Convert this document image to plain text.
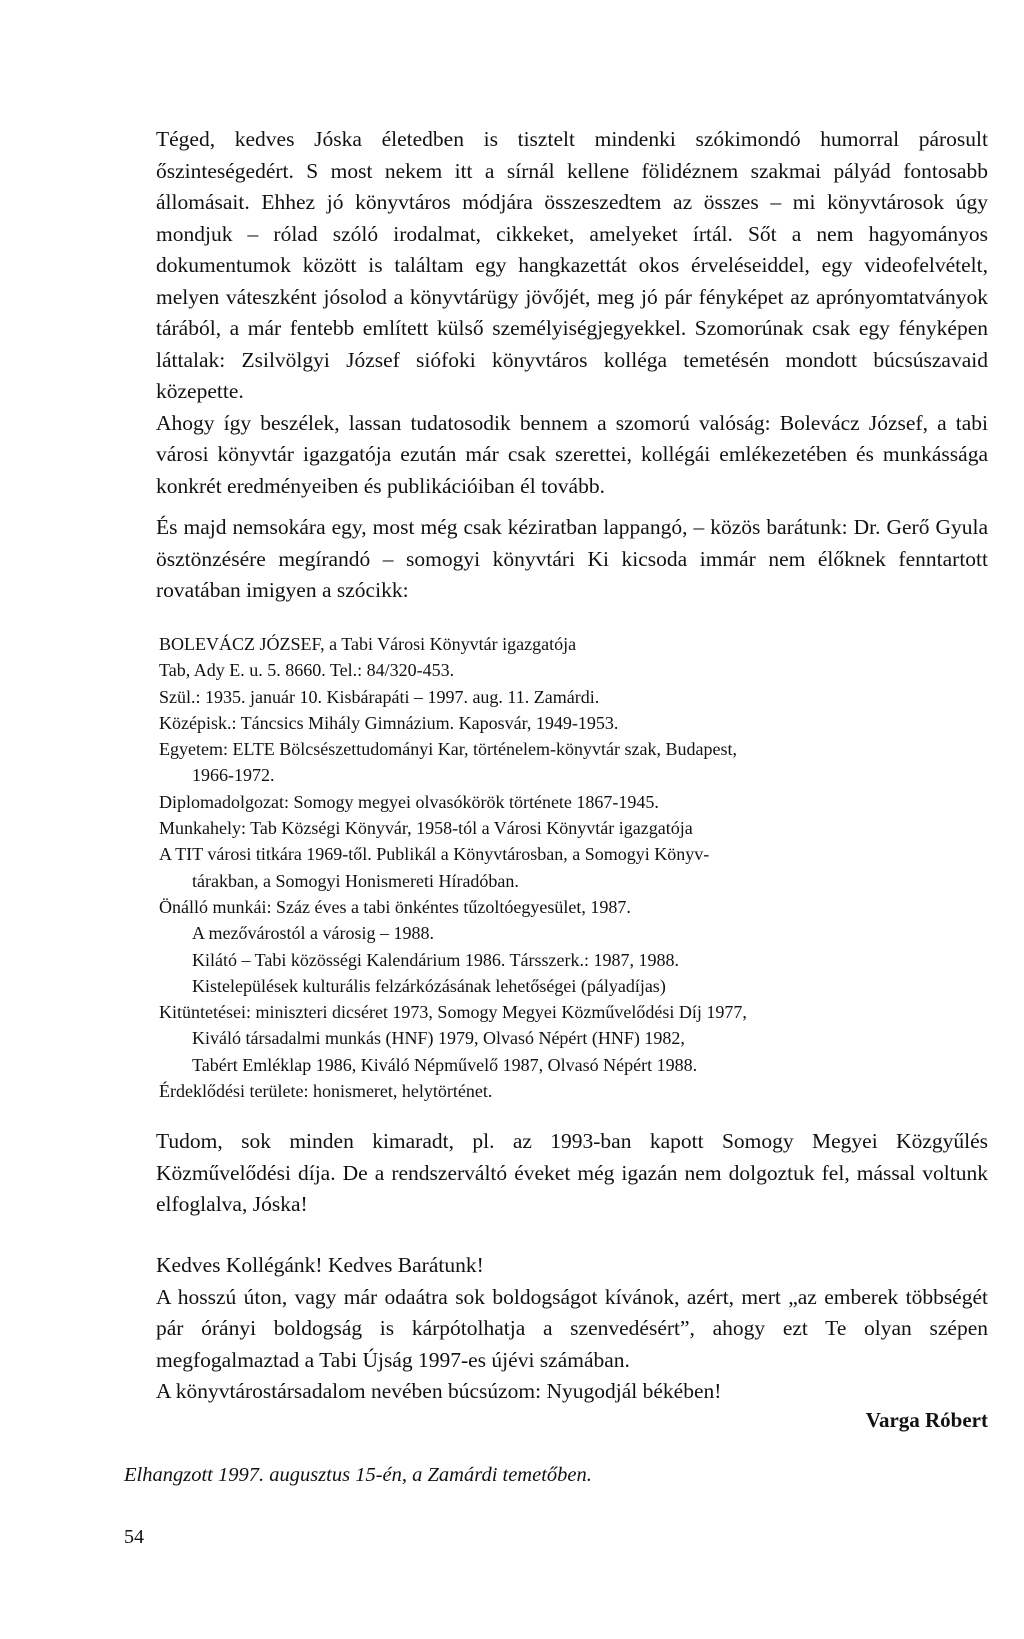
Téged, kedves Jóska életedben is tisztelt mindenki szókimondó humorral párosult őszinteségedért. S most nekem itt a sírnál kellene fölidéznem szakmai pályád fontosabb állomásait. Ehhez jó könyvtáros módjára összeszedtem az összes – mi könyvtárosok úgy mondjuk – rólad szóló irodalmat, cikkeket, amelyeket írtál. Sőt a nem hagyományos dokumentumok között is találtam egy hangkazettát okos érveléseiddel, egy videofelvételt, melyen váteszként jósolod a könyvtárügy jövőjét, meg jó pár fényképet az aprónyomtatványok tárából, a már fentebb említett külső személyiségjegyekkel. Szomorúnak csak egy fényképen láttalak: Zsilvölgyi József siófoki könyvtáros kolléga temetésén mondott búcsúszavaid közepette.

Ahogy így beszélek, lassan tudatosodik bennem a szomorú valóság: Bolevácz József, a tabi városi könyvtár igazgatója ezután már csak szerettei, kollégái emlékezetében és munkássága konkrét eredményeiben és publikációiban él tovább.

És majd nemsokára egy, most még csak kéziratban lappangó, – közös barátunk: Dr. Gerő Gyula ösztönzésére megírandó – somogyi könyvtári Ki kicsoda immár nem élőknek fenntartott rovatában imigyen a szócikk:

BOLEVÁCZ JÓZSEF, a Tabi Városi Könyvtár igazgatója
Tab, Ady E. u. 5. 8660. Tel.: 84/320-453.
Szül.: 1935. január 10. Kisbárapáti – 1997. aug. 11. Zamárdi.
Középisk.: Táncsics Mihály Gimnázium. Kaposvár, 1949-1953.
Egyetem: ELTE Bölcsészettudományi Kar, történelem-könyvtár szak, Budapest,
1966-1972.
Diplomadolgozat: Somogy megyei olvasókörök története 1867-1945.
Munkahely: Tab Községi Könyvár, 1958-tól a Városi Könyvtár igazgatója
A TIT városi titkára 1969-től. Publikál a Könyvtárosban, a Somogyi Könyv-
tárakban, a Somogyi Honismereti Híradóban.
Önálló munkái: Száz éves a tabi önkéntes tűzoltóegyesület, 1987.
A mezővárostól a városig – 1988.
Kilátó – Tabi közösségi Kalendárium 1986. Társszerk.: 1987, 1988.
Kistelepülések kulturális felzárkózásának lehetőségei (pályadíjas)
Kitüntetései: miniszteri dicséret 1973, Somogy Megyei Közművelődési Díj 1977,
Kiváló társadalmi munkás (HNF) 1979, Olvasó Népért (HNF) 1982,
Tabért Emléklap 1986, Kiváló Népművelő 1987, Olvasó Népért 1988.
Érdeklődési területe: honismeret, helytörténet.

Tudom, sok minden kimaradt, pl. az 1993-ban kapott Somogy Megyei Közgyűlés Közművelődési díja. De a rendszerváltó éveket még igazán nem dolgoztuk fel, mással voltunk elfoglalva, Jóska!

Kedves Kollégánk! Kedves Barátunk!

A hosszú úton, vagy már odaátra sok boldogságot kívánok, azért, mert „az emberek többségét pár órányi boldogság is kárpótolhatja a szenvedésért”, ahogy ezt Te olyan szépen megfogalmaztad a Tabi Újság 1997-es újévi számában.

A könyvtárostársadalom nevében búcsúzom: Nyugodjál békében!

Varga Róbert
Elhangzott 1997. augusztus 15-én, a Zamárdi temetőben.
54
